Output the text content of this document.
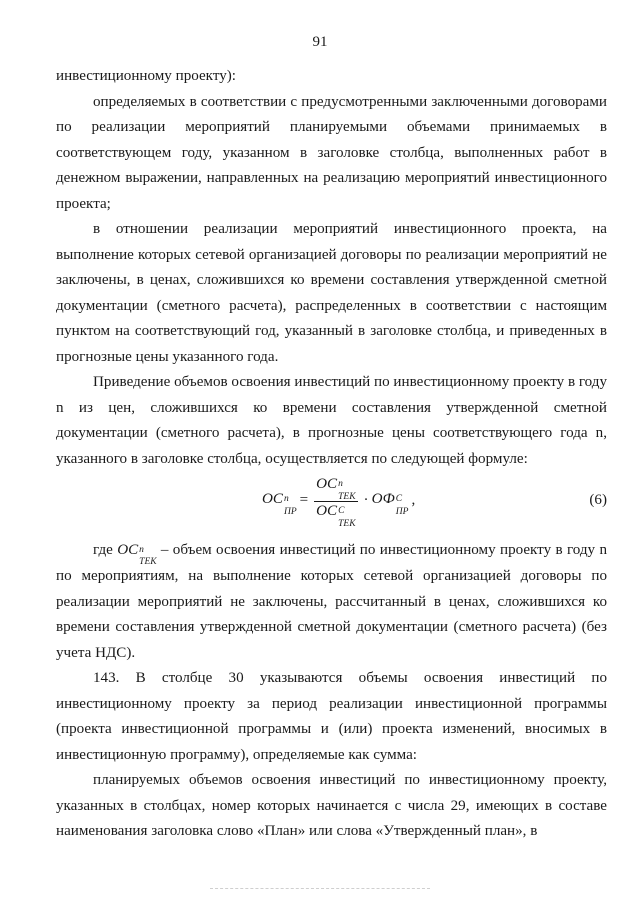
91

инвестиционному проекту):

определяемых в соответствии с предусмотренными заключенными договорами по реализации мероприятий планируемыми объемами принимаемых в соответствующем году, указанном в заголовке столбца, выполненных работ в денежном выражении, направленных на реализацию мероприятий инвестиционного проекта;

в отношении реализации мероприятий инвестиционного проекта, на выполнение которых сетевой организацией договоры по реализации мероприятий не заключены, в ценах, сложившихся ко времени составления утвержденной сметной документации (сметного расчета), распределенных в соответствии с настоящим пунктом на соответствующий год, указанный в заголовке столбца, и приведенных в прогнозные цены указанного года.

Приведение объемов освоения инвестиций по инвестиционному проекту в году n из цен, сложившихся ко времени составления утвержденной сметной документации (сметного расчета), в прогнозные цены соответствующего года n, указанного в заголовке столбца, осуществляется по следующей формуле:

ОС п
ПР
= ОС п
ТЕК
ОС С
ТЕК · ОФ С
ПР
,	(6)

где ОС п
ТЕК
– объем освоения инвестиций по инвестиционному проекту в году n по мероприятиям, на выполнение которых сетевой организацией договоры по реализации мероприятий не заключены, рассчитанный в ценах, сложившихся ко времени составления утвержденной сметной документации (сметного расчета) (без учета НДС).

143. В столбце 30 указываются объемы освоения инвестиций по инвестиционному проекту за период реализации инвестиционной программы (проекта инвестиционной программы и (или) проекта изменений, вносимых в инвестиционную программу), определяемые как сумма:

планируемых объемов освоения инвестиций по инвестиционному проекту, указанных в столбцах, номер которых начинается с числа 29, имеющих в составе наименования заголовка слово «План» или слова «Утвержденный план», в
